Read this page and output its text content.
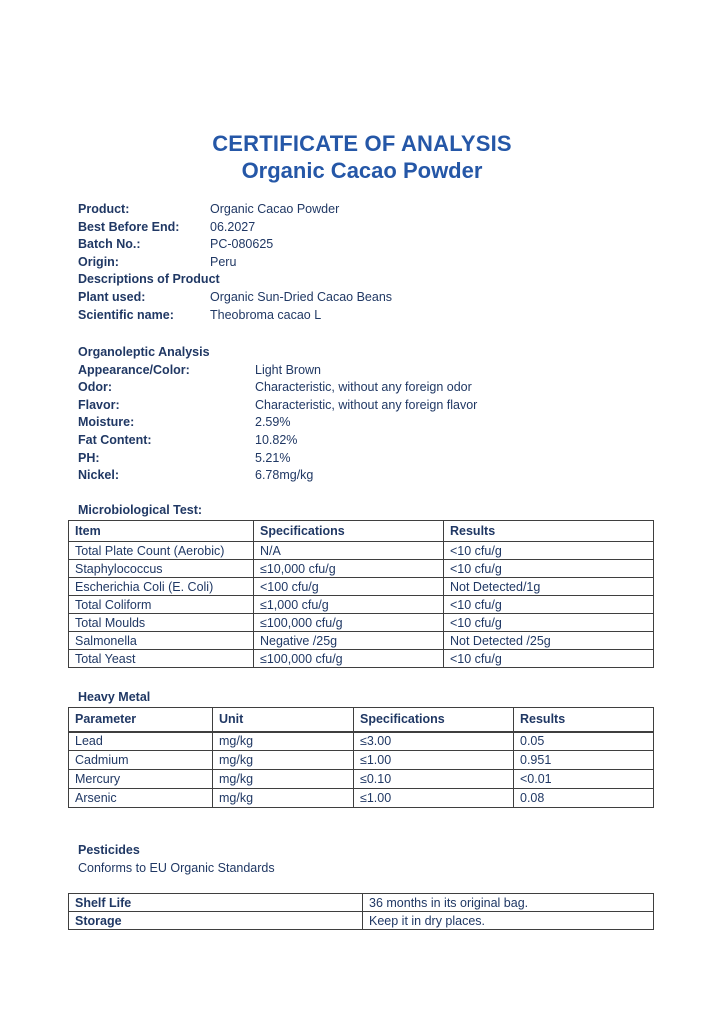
CERTIFICATE OF ANALYSIS
Organic Cacao Powder
Product:	Organic Cacao Powder
Best Before End:	06.2027
Batch No.:	PC-080625
Origin:	Peru
Descriptions of Product
Plant used:	Organic Sun-Dried Cacao Beans
Scientific name:	Theobroma cacao L
Organoleptic Analysis
Appearance/Color:	Light Brown
Odor:	Characteristic, without any foreign odor
Flavor:	Characteristic, without any foreign flavor
Moisture:	2.59%
Fat Content:	10.82%
PH:	5.21%
Nickel:	6.78mg/kg
Microbiological Test:
Item	Specifications	Results
Total Plate Count (Aerobic)	N/A	<10 cfu/g
Staphylococcus	≤10,000 cfu/g	<10 cfu/g
Escherichia Coli (E. Coli)	<100 cfu/g	Not Detected/1g
Total Coliform	≤1,000 cfu/g	<10 cfu/g
Total Moulds	≤100,000 cfu/g	<10 cfu/g
Salmonella	Negative /25g	Not Detected /25g
Total Yeast	≤100,000 cfu/g	<10 cfu/g
Heavy Metal
Parameter	Unit	Specifications	Results
Lead	mg/kg	≤3.00	0.05
Cadmium	mg/kg	≤1.00	0.951
Mercury	mg/kg	≤0.10	<0.01
Arsenic	mg/kg	≤1.00	0.08
Pesticides
Conforms to EU Organic Standards
Shelf Life	36 months in its original bag.
Storage	Keep it in dry places.
